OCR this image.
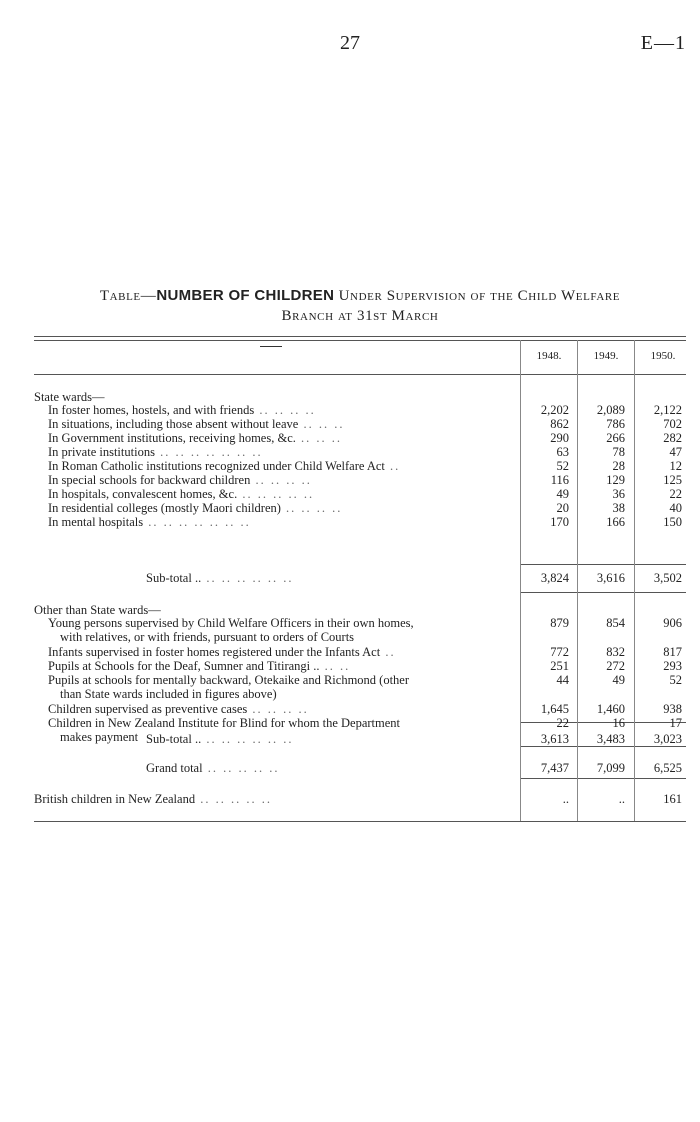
27	E—1
Table—NUMBER OF CHILDREN Under Supervision of the Child Welfare
Branch at 31st March
1948.	1949.	1950.
State wards—
In foster homes, hostels, and with friends .. .. .. ..	2,202	2,089	2,122
In situations, including those absent without leave .. .. ..	862	786	702
In Government institutions, receiving homes, &c. .. .. ..	290	266	282
In private institutions .. .. .. .. .. .. ..	63	78	47
In Roman Catholic institutions recognized under Child Welfare Act ..	52	28	12
In special schools for backward children .. .. .. ..	116	129	125
In hospitals, convalescent homes, &c. .. .. .. .. ..	49	36	22
In residential colleges (mostly Maori children) .. .. .. ..	20	38	40
In mental hospitals .. .. .. .. .. .. ..	170	166	150
Sub-total .. .. .. .. .. .. ..	3,824	3,616	3,502
Other than State wards—
Young persons supervised by Child Welfare Officers in their own homes,
with relatives, or with friends, pursuant to orders of Courts
879	854	906
Infants supervised in foster homes registered under the Infants Act ..	772	832	817
Pupils at Schools for the Deaf, Sumner and Titirangi .. .. ..	251	272	293
Pupils at schools for mentally backward, Otekaike and Richmond (other
than State wards included in figures above)
44	49	52
Children supervised as preventive cases .. .. .. ..	1,645	1,460	938
Children in New Zealand Institute for Blind for whom the Department
makes payment
22	16	17
Sub-total .. .. .. .. .. .. ..	3,613	3,483	3,023
Grand total .. .. .. .. ..	7,437	7,099	6,525
British children in New Zealand .. .. .. .. ..	..	..	161
